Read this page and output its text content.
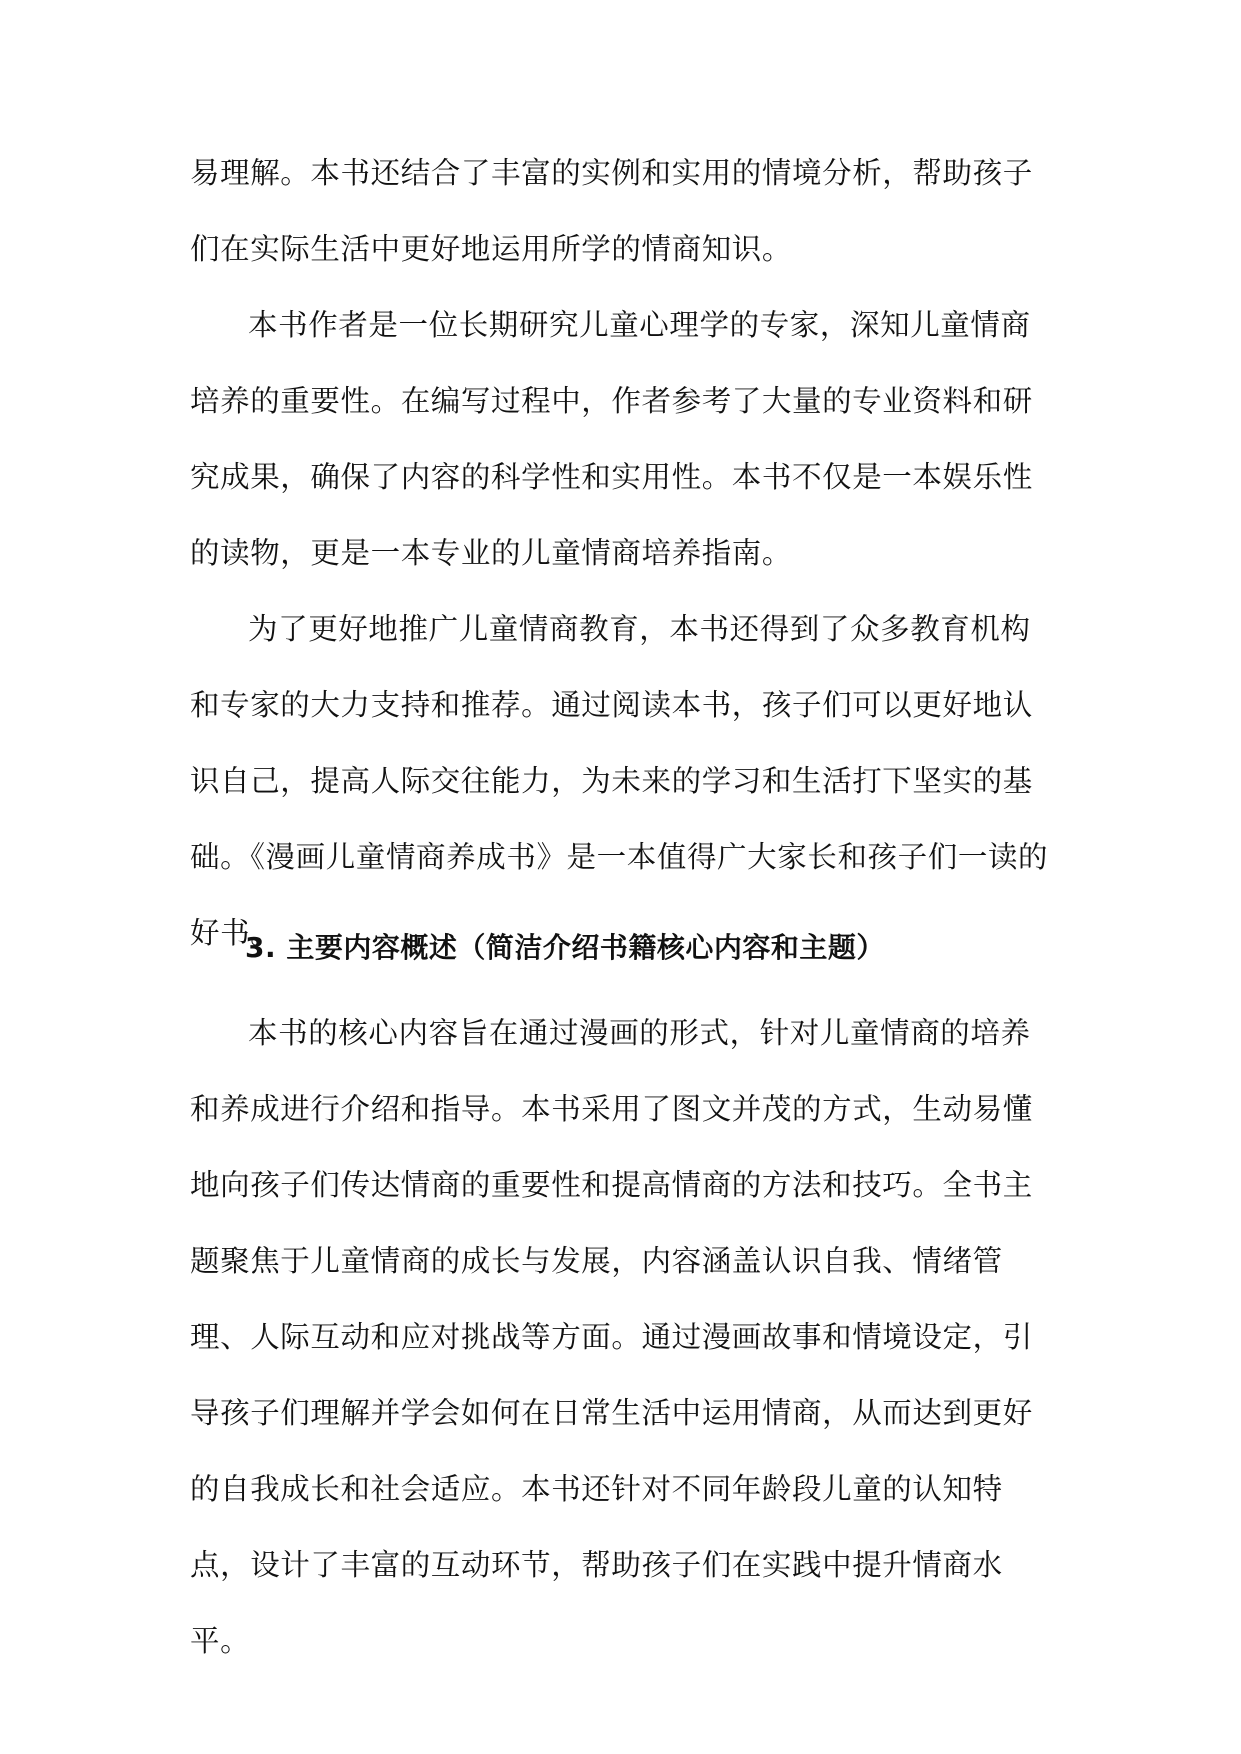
易理解。本书还结合了丰富的实例和实用的情境分析，帮助孩子们在实际生活中更好地运用所学的情商知识。

本书作者是一位长期研究儿童心理学的专家，深知儿童情商培养的重要性。在编写过程中，作者参考了大量的专业资料和研究成果，确保了内容的科学性和实用性。本书不仅是一本娱乐性的读物，更是一本专业的儿童情商培养指南。

为了更好地推广儿童情商教育，本书还得到了众多教育机构和专家的大力支持和推荐。通过阅读本书，孩子们可以更好地认识自己，提高人际交往能力，为未来的学习和生活打下坚实的基础。《漫画儿童情商养成书》是一本值得广大家长和孩子们一读的好书。

3. 主要内容概述（简洁介绍书籍核心内容和主题）

本书的核心内容旨在通过漫画的形式，针对儿童情商的培养和养成进行介绍和指导。本书采用了图文并茂的方式，生动易懂地向孩子们传达情商的重要性和提高情商的方法和技巧。全书主题聚焦于儿童情商的成长与发展，内容涵盖认识自我、情绪管理、人际互动和应对挑战等方面。通过漫画故事和情境设定，引导孩子们理解并学会如何在日常生活中运用情商，从而达到更好的自我成长和社会适应。本书还针对不同年龄段儿童的认知特点，设计了丰富的互动环节，帮助孩子们在实践中提升情商水平。
